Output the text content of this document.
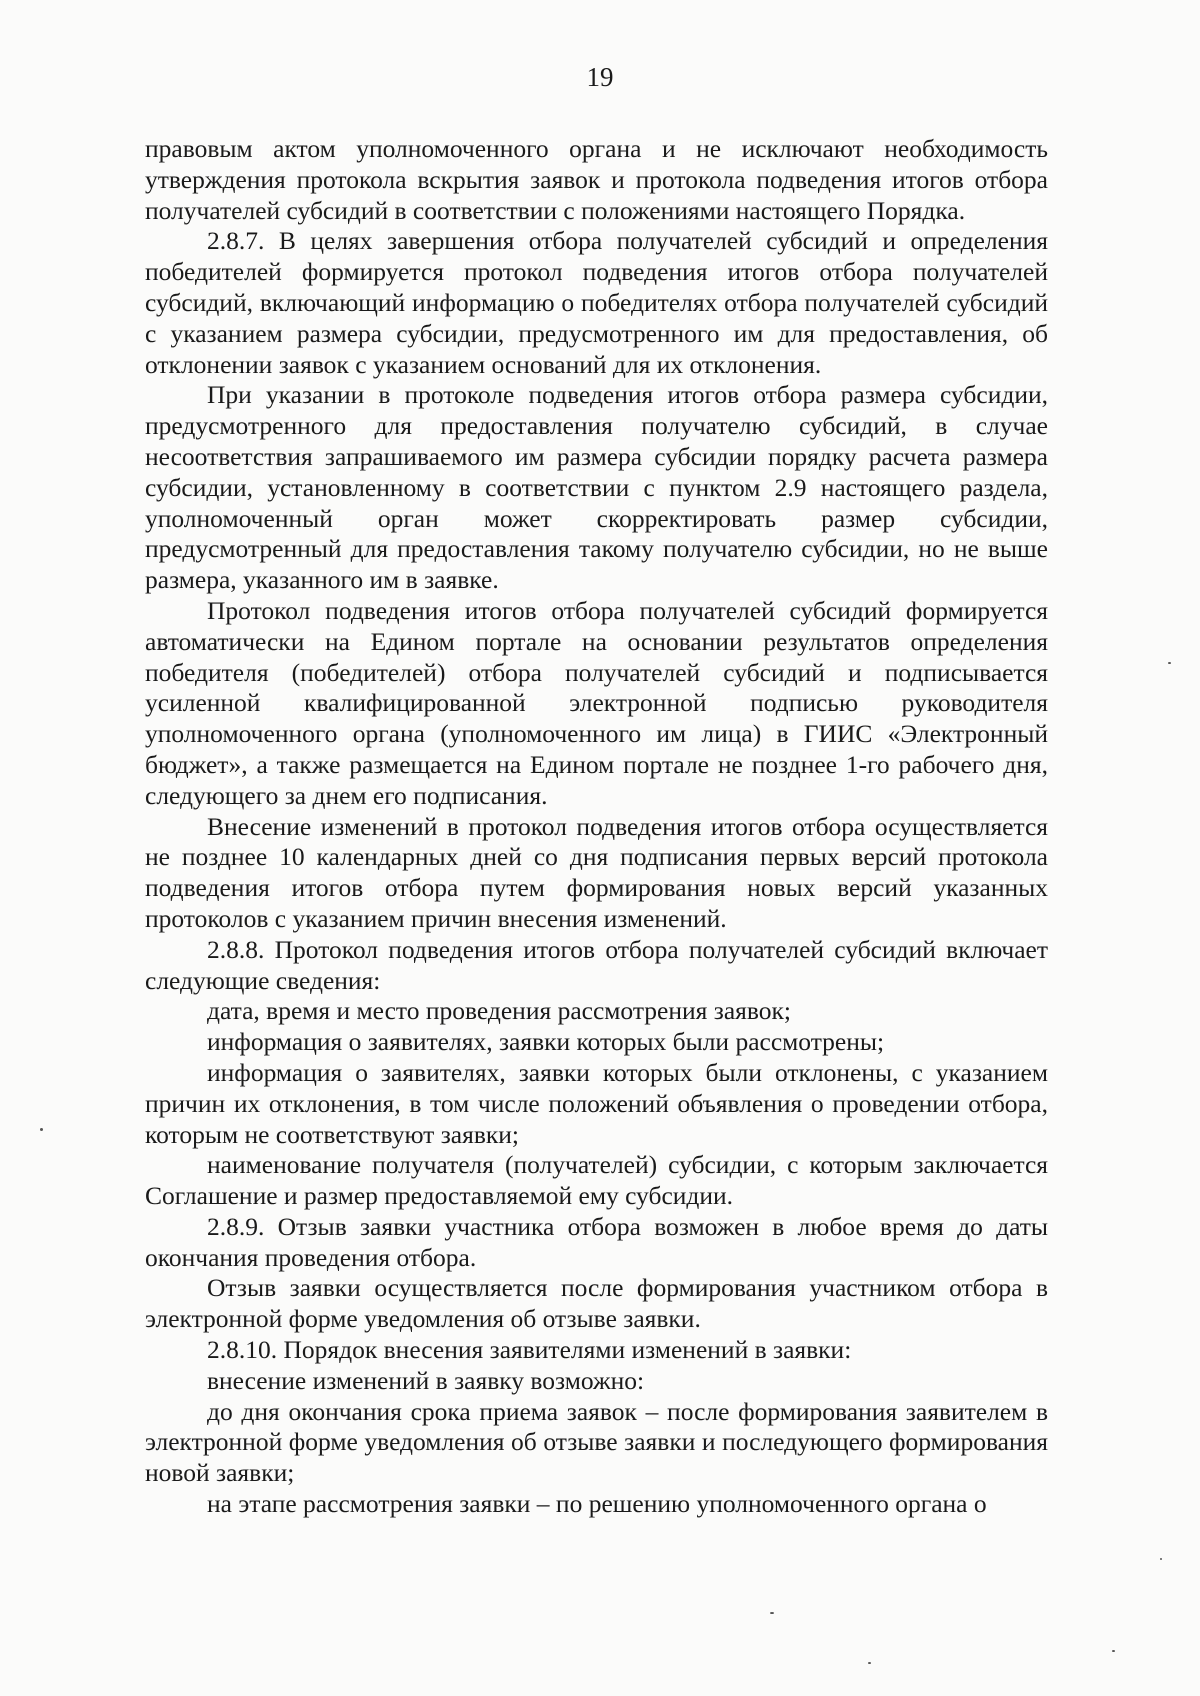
19

правовым актом уполномоченного органа и не исключают необходимость утверждения протокола вскрытия заявок и протокола подведения итогов отбора получателей субсидий в соответствии с положениями настоящего Порядка.

2.8.7. В целях завершения отбора получателей субсидий и определения победителей формируется протокол подведения итогов отбора получателей субсидий, включающий информацию о победителях отбора получателей субсидий с указанием размера субсидии, предусмотренного им для предоставления, об отклонении заявок с указанием оснований для их отклонения.

При указании в протоколе подведения итогов отбора размера субсидии, предусмотренного для предоставления получателю субсидий, в случае несоответствия запрашиваемого им размера субсидии порядку расчета размера субсидии, установленному в соответствии с пунктом 2.9 настоящего раздела, уполномоченный орган может скорректировать размер субсидии, предусмотренный для предоставления такому получателю субсидии, но не выше размера, указанного им в заявке.

Протокол подведения итогов отбора получателей субсидий формируется автоматически на Едином портале на основании результатов определения победителя (победителей) отбора получателей субсидий и подписывается усиленной квалифицированной электронной подписью руководителя уполномоченного органа (уполномоченного им лица) в ГИИС «Электронный бюджет», а также размещается на Едином портале не позднее 1-го рабочего дня, следующего за днем его подписания.

Внесение изменений в протокол подведения итогов отбора осуществляется не позднее 10 календарных дней со дня подписания первых версий протокола подведения итогов отбора путем формирования новых версий указанных протоколов с указанием причин внесения изменений.

2.8.8. Протокол подведения итогов отбора получателей субсидий включает следующие сведения:

дата, время и место проведения рассмотрения заявок;

информация о заявителях, заявки которых были рассмотрены;

информация о заявителях, заявки которых были отклонены, с указанием причин их отклонения, в том числе положений объявления о проведении отбора, которым не соответствуют заявки;

наименование получателя (получателей) субсидии, с которым заключается Соглашение и размер предоставляемой ему субсидии.

2.8.9. Отзыв заявки участника отбора возможен в любое время до даты окончания проведения отбора.

Отзыв заявки осуществляется после формирования участником отбора в электронной форме уведомления об отзыве заявки.

2.8.10. Порядок внесения заявителями изменений в заявки:

внесение изменений в заявку возможно:

до дня окончания срока приема заявок – после формирования заявителем в электронной форме уведомления об отзыве заявки и последующего формирования новой заявки;

на этапе рассмотрения заявки – по решению уполномоченного органа о
